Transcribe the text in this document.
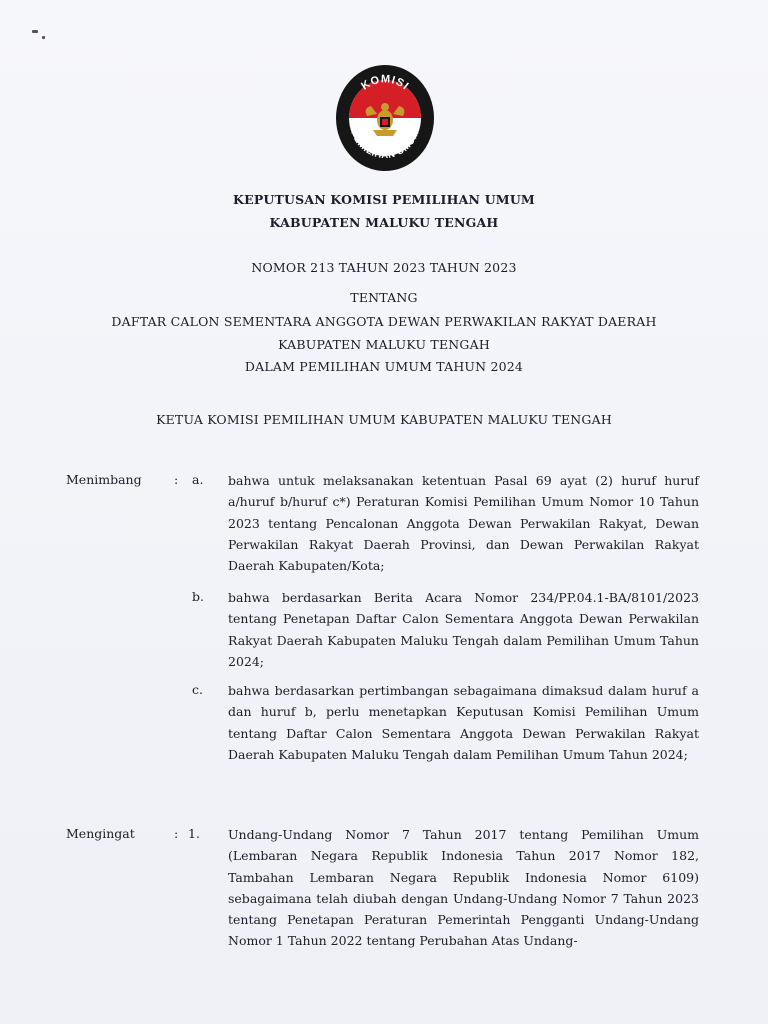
KOMISI
PEMILIHAN UMUM
KEPUTUSAN KOMISI PEMILIHAN UMUM
KABUPATEN MALUKU TENGAH
NOMOR 213 TAHUN 2023 TAHUN 2023
TENTANG
DAFTAR CALON SEMENTARA ANGGOTA DEWAN PERWAKILAN RAKYAT DAERAH
KABUPATEN MALUKU TENGAH
DALAM PEMILIHAN UMUM TAHUN 2024
KETUA KOMISI PEMILIHAN UMUM KABUPATEN MALUKU TENGAH
Menimbang	: a. bahwa untuk melaksanakan ketentuan Pasal 69 ayat (2) huruf huruf a/huruf b/huruf c*) Peraturan Komisi Pemilihan Umum Nomor 10 Tahun 2023 tentang Pencalonan Anggota Dewan Perwakilan Rakyat, Dewan Perwakilan Rakyat Daerah Provinsi, dan Dewan Perwakilan Rakyat Daerah Kabupaten/Kota;
b. bahwa berdasarkan Berita Acara Nomor 234/PP.04.1-BA/8101/2023 tentang Penetapan Daftar Calon Sementara Anggota Dewan Perwakilan Rakyat Daerah Kabupaten Maluku Tengah dalam Pemilihan Umum Tahun 2024;
c. bahwa berdasarkan pertimbangan sebagaimana dimaksud dalam huruf a dan huruf b, perlu menetapkan Keputusan Komisi Pemilihan Umum tentang Daftar Calon Sementara Anggota Dewan Perwakilan Rakyat Daerah Kabupaten Maluku Tengah dalam Pemilihan Umum Tahun 2024;
Mengingat	: 1. Undang-Undang Nomor 7 Tahun 2017 tentang Pemilihan Umum (Lembaran Negara Republik Indonesia Tahun 2017 Nomor 182, Tambahan Lembaran Negara Republik Indonesia Nomor 6109) sebagaimana telah diubah dengan Undang-Undang Nomor 7 Tahun 2023 tentang Penetapan Peraturan Pemerintah Pengganti Undang-Undang Nomor 1 Tahun 2022 tentang Perubahan Atas Undang-
